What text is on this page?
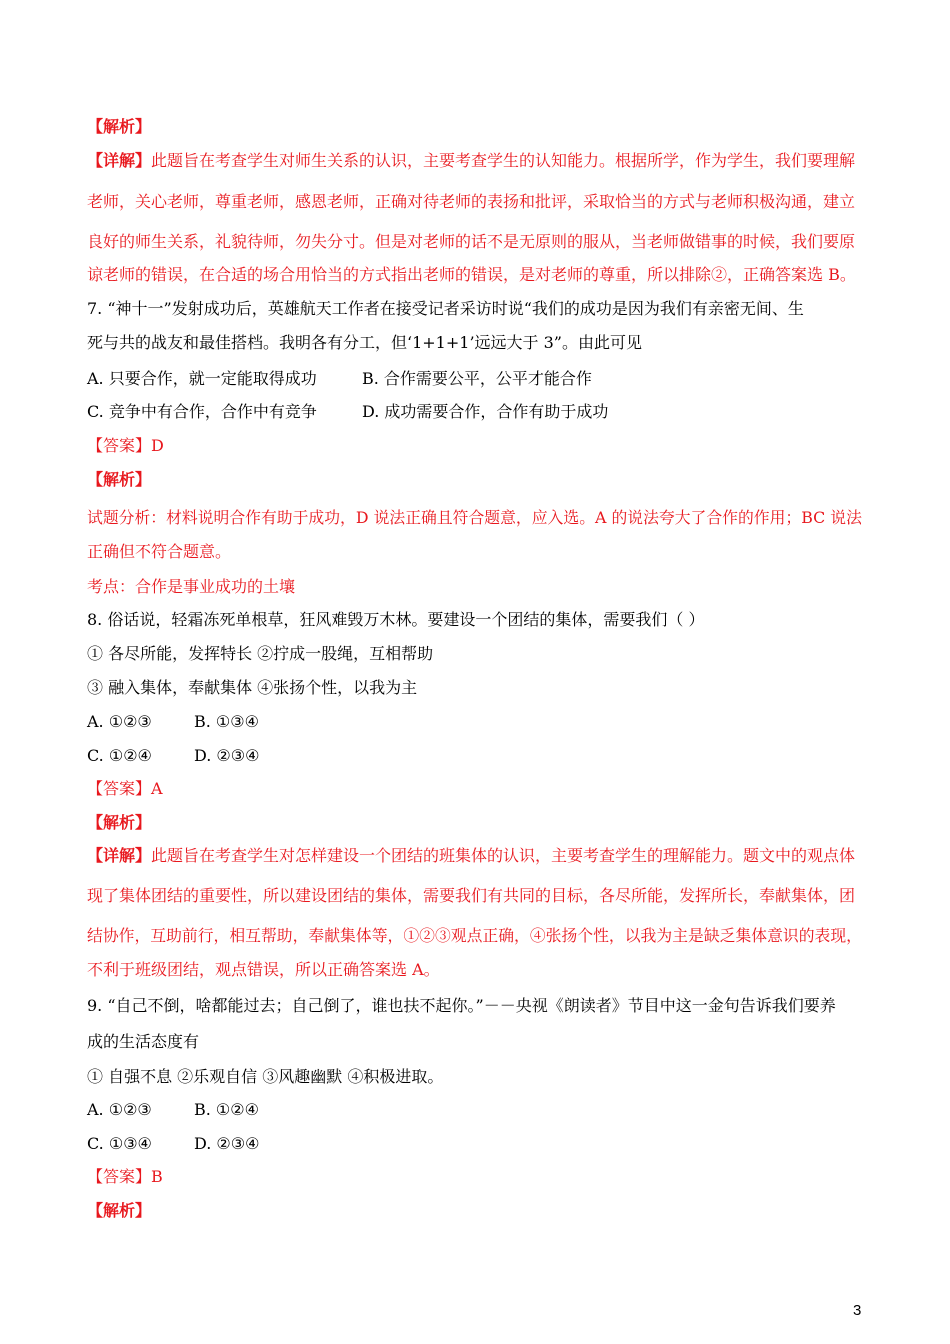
【解析】
【详解】此题旨在考查学生对师生关系的认识，主要考查学生的认知能力。根据所学，作为学生，我们要理解
老师，关心老师，尊重老师，感恩老师，正确对待老师的表扬和批评，采取恰当的方式与老师积极沟通，建立
良好的师生关系，礼貌待师，勿失分寸。但是对老师的话不是无原则的服从，当老师做错事的时候，我们要原
谅老师的错误，在合适的场合用恰当的方式指出老师的错误，是对老师的尊重，所以排除②，正确答案选 B。
7. “神十一”发射成功后，英雄航天工作者在接受记者采访时说“我们的成功是因为我们有亲密无间、生
死与共的战友和最佳搭档。我明各有分工，但‘1+1+1’远远大于 3”。由此可见
A. 只要合作，就一定能取得成功	B. 合作需要公平，公平才能合作
C. 竞争中有合作，合作中有竞争	D. 成功需要合作，合作有助于成功
【答案】D
【解析】
试题分析：材料说明合作有助于成功，D 说法正确且符合题意，应入选。A 的说法夸大了合作的作用；BC 说法
正确但不符合题意。
考点：合作是事业成功的土壤
8. 俗话说，轻霜冻死单根草，狂风难毁万木林。要建设一个团结的集体，需要我们（ ）
① 各尽所能，发挥特长 ②拧成一股绳，互相帮助
③ 融入集体，奉献集体 ④张扬个性，以我为主
A. ①②③	B. ①③④
C. ①②④	D. ②③④
【答案】A
【解析】
【详解】此题旨在考查学生对怎样建设一个团结的班集体的认识，主要考查学生的理解能力。题文中的观点体
现了集体团结的重要性，所以建设团结的集体，需要我们有共同的目标，各尽所能，发挥所长，奉献集体，团
结协作，互助前行，相互帮助，奉献集体等，①②③观点正确，④张扬个性，以我为主是缺乏集体意识的表现，
不利于班级团结，观点错误，所以正确答案选 A。
9. “自己不倒，啥都能过去；自己倒了，谁也扶不起你。”－－央视《朗读者》节目中这一金句告诉我们要养
成的生活态度有
① 自强不息 ②乐观自信 ③风趣幽默 ④积极进取。
A. ①②③	B. ①②④
C. ①③④	D. ②③④
【答案】B
【解析】
3
